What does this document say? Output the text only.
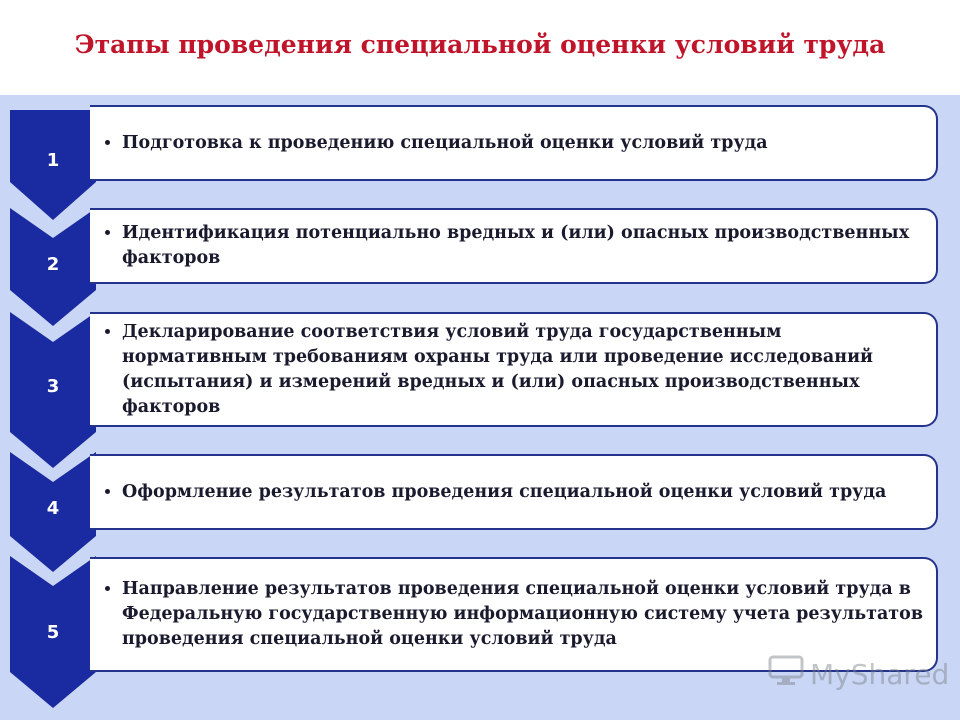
Этапы проведения специальной оценки условий труда
1
• Подготовка к проведению специальной оценки условий труда
2
• Идентификация потенциально вредных и (или) опасных производственных факторов
3
• Декларирование соответствия условий труда государственным нормативным требованиям охраны труда или проведение исследований (испытания) и измерений вредных и (или) опасных производственных факторов
4
• Оформление результатов проведения специальной оценки условий труда
5
• Направление результатов проведения специальной оценки условий труда в Федеральную государственную информационную систему учета результатов проведения специальной оценки условий труда
MyShared
